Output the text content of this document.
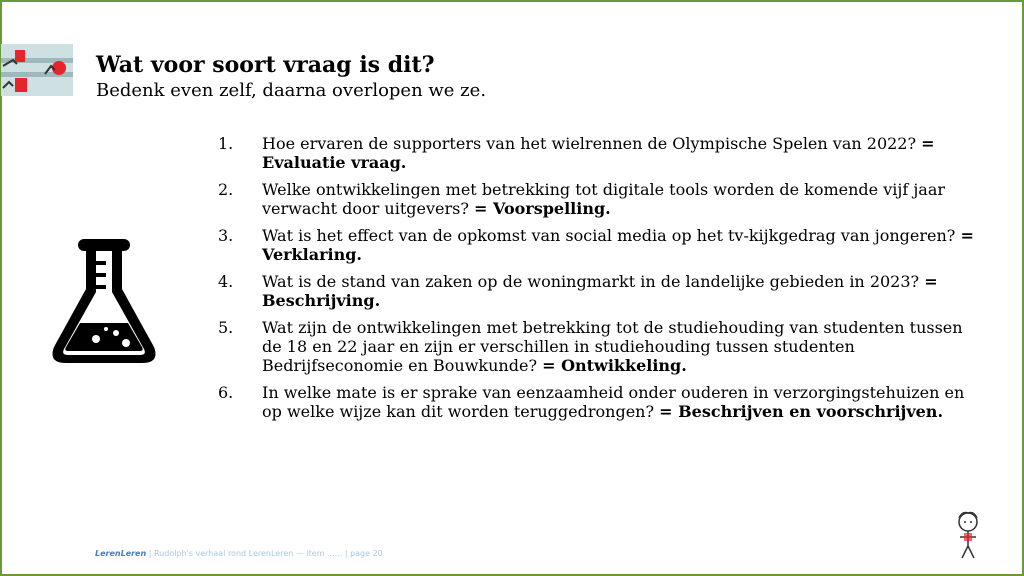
Wat voor soort vraag is dit?
Bedenk even zelf, daarna overlopen we ze.
1.	Hoe ervaren de supporters van het wielrennen de Olympische Spelen van 2022? = Evaluatie vraag.
2.	Welke ontwikkelingen met betrekking tot digitale tools worden de komende vijf jaar verwacht door uitgevers? = Voorspelling.
3.	Wat is het effect van de opkomst van social media op het tv-kijkgedrag van jongeren? = Verklaring.
4.	Wat is de stand van zaken op de woningmarkt in de landelijke gebieden in 2023? = Beschrijving.
5.	Wat zijn de ontwikkelingen met betrekking tot de studiehouding van studenten tussen de 18 en 22 jaar en zijn er verschillen in studiehouding tussen studenten Bedrijfseconomie en Bouwkunde? = Ontwikkeling.
6.	In welke mate is er sprake van eenzaamheid onder ouderen in verzorgingstehuizen en op welke wijze kan dit worden teruggedrongen? = Beschrijven en voorschrijven.
LerenLeren | Rudolph's verhaal rond LerenLeren — item ...... | page 20
